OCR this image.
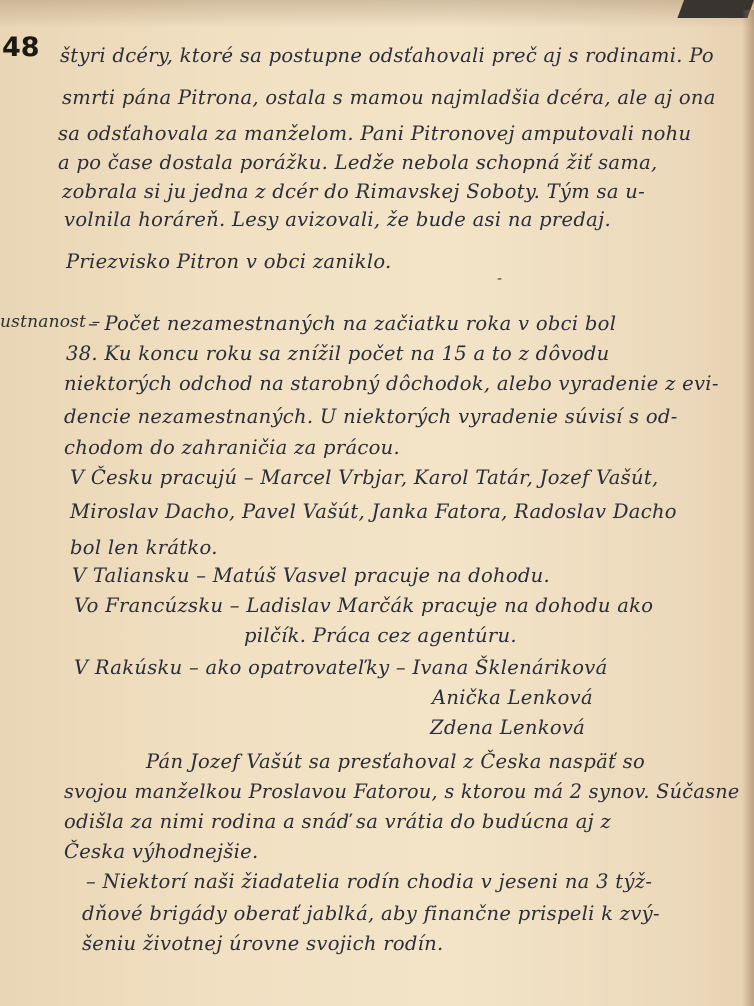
48
ustnanost –
-
štyri dcéry, ktoré sa postupne odsťahovali preč aj s rodinami. Po
smrti pána Pitrona, ostala s mamou najmladšia dcéra, ale aj ona
sa odsťahovala za manželom. Pani Pitronovej amputovali nohu
a po čase dostala porážku. Ledže nebola schopná žiť sama,
zobrala si ju jedna z dcér do Rimavskej Soboty. Tým sa u-
volnila horáreň. Lesy avizovali, že bude asi na predaj.
Priezvisko Pitron v obci zaniklo.
– Počet nezamestnaných na začiatku roka v obci bol
38. Ku koncu roku sa znížil počet na 15 a to z dôvodu
niektorých odchod na starobný dôchodok, alebo vyradenie z evi-
dencie nezamestnaných. U niektorých vyradenie súvisí s od-
chodom do zahraničia za prácou.
V Česku pracujú – Marcel Vrbjar, Karol Tatár, Jozef Vašút,
Miroslav Dacho, Pavel Vašút, Janka Fatora, Radoslav Dacho
bol len krátko.
V Taliansku – Matúš Vasvel pracuje na dohodu.
Vo Francúzsku – Ladislav Marčák pracuje na dohodu ako
pilčík. Práca cez agentúru.
V Rakúsku – ako opatrovateľky – Ivana Šklenáriková
Anička Lenková
Zdena Lenková
Pán Jozef Vašút sa presťahoval z Česka naspäť so
svojou manželkou Proslavou Fatorou, s ktorou má 2 synov. Súčasne
odišla za nimi rodina a snáď sa vrátia do budúcna aj z
Česka výhodnejšie.
– Niektorí naši žiadatelia rodín chodia v jeseni na 3 týž-
dňové brigády oberať jablká, aby finančne prispeli k zvý-
šeniu životnej úrovne svojich rodín.
